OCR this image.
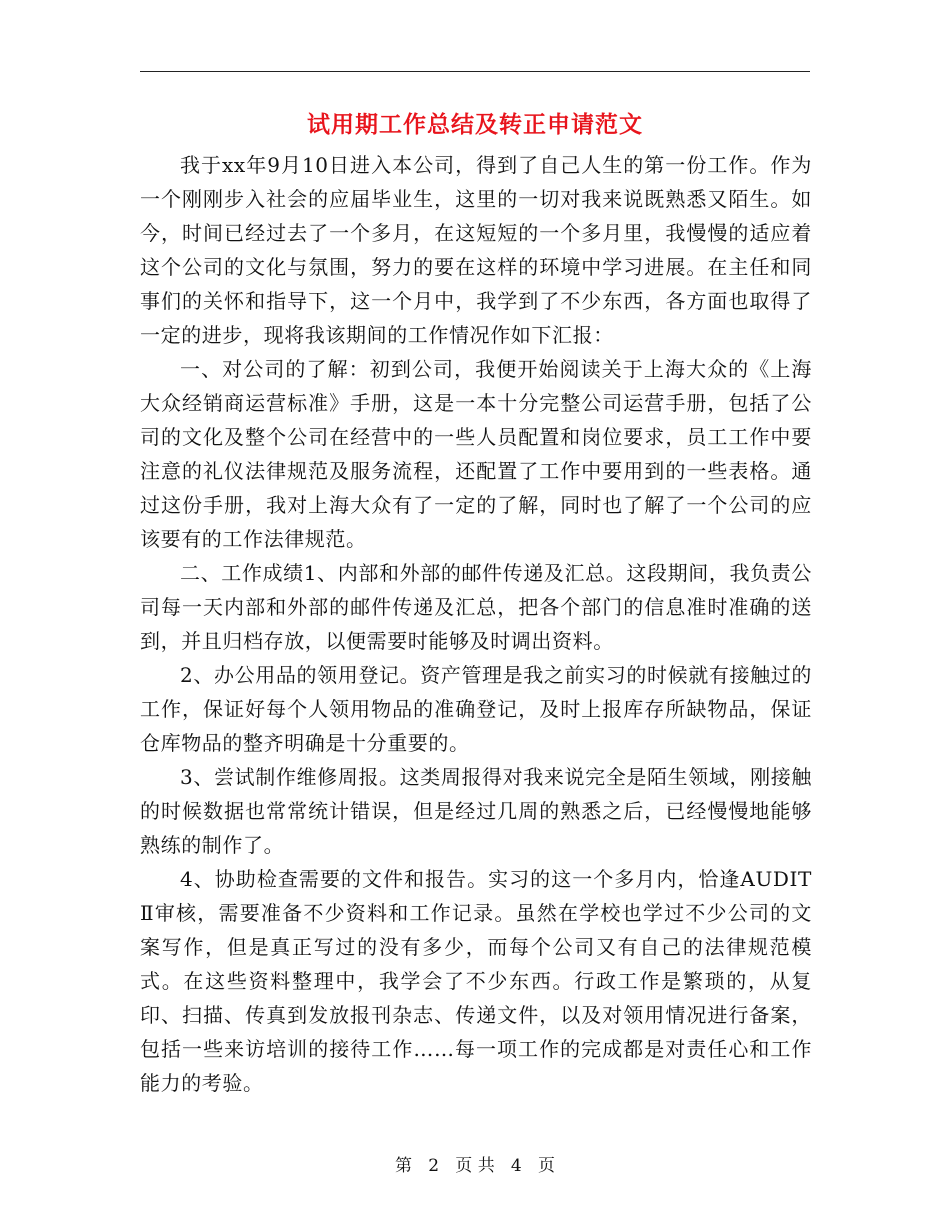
试用期工作总结及转正申请范文

我于xx年9月10日进入本公司，得到了自己人生的第一份工作。作为一个刚刚步入社会的应届毕业生，这里的一切对我来说既熟悉又陌生。如今，时间已经过去了一个多月，在这短短的一个多月里，我慢慢的适应着这个公司的文化与氛围，努力的要在这样的环境中学习进展。在主任和同事们的关怀和指导下，这一个月中，我学到了不少东西，各方面也取得了一定的进步，现将我该期间的工作情况作如下汇报：

一、对公司的了解：初到公司，我便开始阅读关于上海大众的《上海大众经销商运营标准》手册，这是一本十分完整公司运营手册，包括了公司的文化及整个公司在经营中的一些人员配置和岗位要求，员工工作中要注意的礼仪法律规范及服务流程，还配置了工作中要用到的一些表格。通过这份手册，我对上海大众有了一定的了解，同时也了解了一个公司的应该要有的工作法律规范。

二、工作成绩1、内部和外部的邮件传递及汇总。这段期间，我负责公司每一天内部和外部的邮件传递及汇总，把各个部门的信息准时准确的送到，并且归档存放，以便需要时能够及时调出资料。

2、办公用品的领用登记。资产管理是我之前实习的时候就有接触过的工作，保证好每个人领用物品的准确登记，及时上报库存所缺物品，保证仓库物品的整齐明确是十分重要的。

3、尝试制作维修周报。这类周报得对我来说完全是陌生领域，刚接触的时候数据也常常统计错误，但是经过几周的熟悉之后，已经慢慢地能够熟练的制作了。

4、协助检查需要的文件和报告。实习的这一个多月内，恰逢AUDITⅡ审核，需要准备不少资料和工作记录。虽然在学校也学过不少公司的文案写作，但是真正写过的没有多少，而每个公司又有自己的法律规范模式。在这些资料整理中，我学会了不少东西。行政工作是繁琐的，从复印、扫描、传真到发放报刊杂志、传递文件，以及对领用情况进行备案，包括一些来访培训的接待工作……每一项工作的完成都是对责任心和工作能力的考验。

第 2 页 共 4 页
